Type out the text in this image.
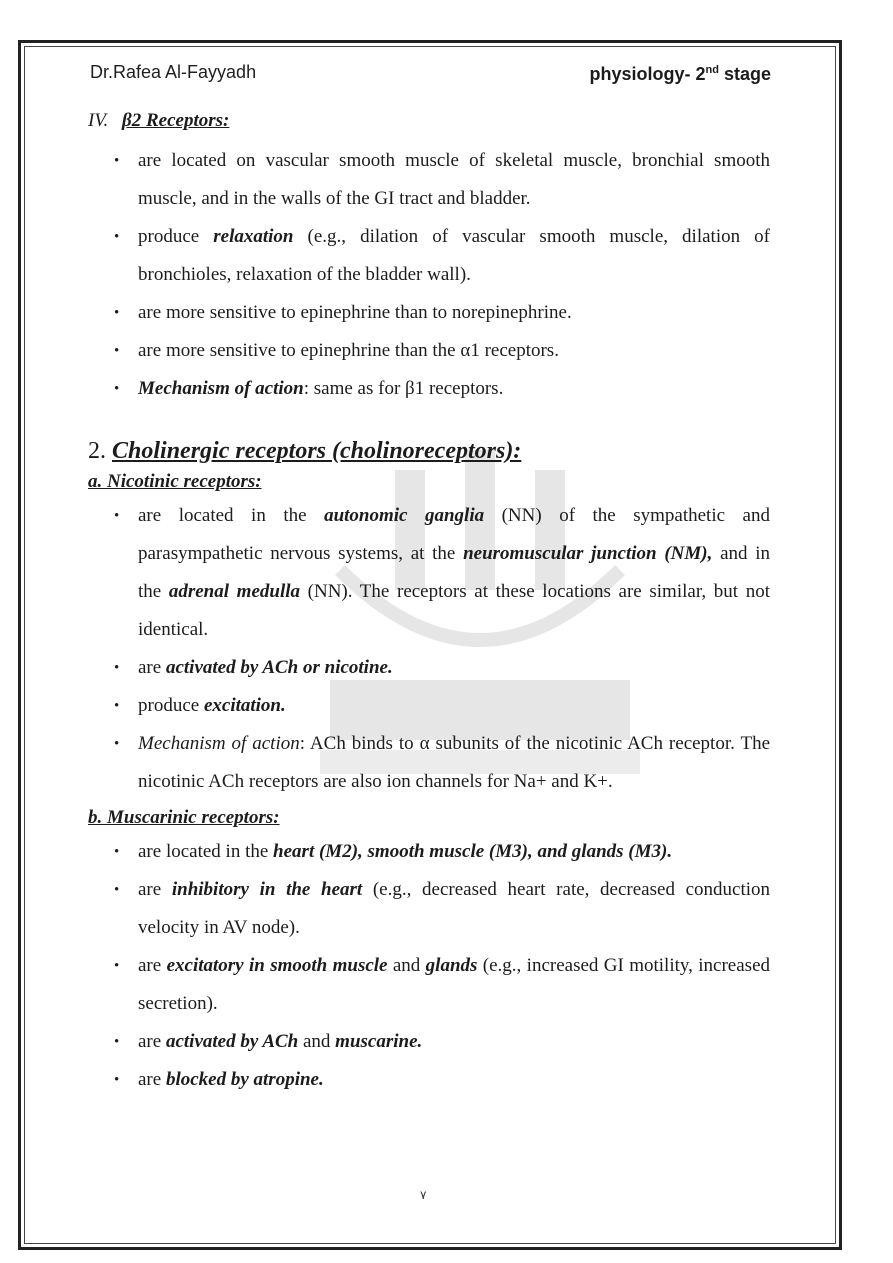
Dr.Rafea Al-Fayyadh	physiology- 2nd stage
IV. β2 Receptors:
• are located on vascular smooth muscle of skeletal muscle, bronchial smooth muscle, and in the walls of the GI tract and bladder.
• produce relaxation (e.g., dilation of vascular smooth muscle, dilation of bronchioles, relaxation of the bladder wall).
• are more sensitive to epinephrine than to norepinephrine.
• are more sensitive to epinephrine than the α1 receptors.
• Mechanism of action: same as for β1 receptors.
2. Cholinergic receptors (cholinoreceptors):
a. Nicotinic receptors:
• are located in the autonomic ganglia (NN) of the sympathetic and parasympathetic nervous systems, at the neuromuscular junction (NM), and in the adrenal medulla (NN). The receptors at these locations are similar, but not identical.
• are activated by ACh or nicotine.
• produce excitation.
• Mechanism of action: ACh binds to α subunits of the nicotinic ACh receptor. The nicotinic ACh receptors are also ion channels for Na+ and K+.
b. Muscarinic receptors:
• are located in the heart (M2), smooth muscle (M3), and glands (M3).
• are inhibitory in the heart (e.g., decreased heart rate, decreased conduction velocity in AV node).
• are excitatory in smooth muscle and glands (e.g., increased GI motility, increased secretion).
• are activated by ACh and muscarine.
• are blocked by atropine.
٧
